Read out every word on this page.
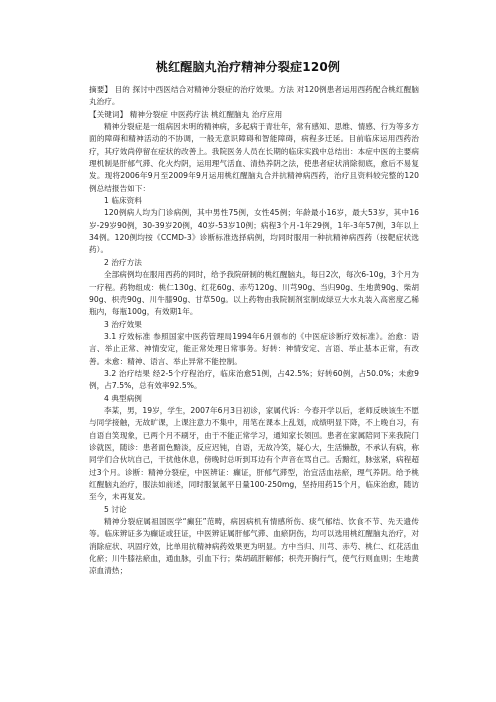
桃红醒脑丸治疗精神分裂症120例

摘要】 目的 探讨中西医结合对精神分裂症的治疗效果。方法 对120例患者运用西药配合桃红醒脑丸治疗。

【关键词】 精神分裂症 中医药疗法 桃红醒脑丸 治疗应用

精神分裂症是一组病因未明的精神病，多起病于青壮年，常有感知、思维、情感、行为等多方面的障碍和精神活动的不协调，一般无意识障碍和智能障碍，病程多迁延。目前临床运用西药治疗，其疗效尚停留在症状的改善上。我院医务人员在长期的临床实践中总结出：本症中医的主要病理机制是肝郁气滞、化火灼阴，运用理气活血、清热养阴之法，使患者症状消除彻底，愈后不易复发。现将2006年9月至2009年9月运用桃红醒脑丸合并抗精神病西药，治疗且资料较完整的120例总结报告如下：

1 临床资料

120例病人均为门诊病例，其中男性75例，女性45例；年龄最小16岁，最大53岁，其中16岁-29岁90例，30-39岁20例，40岁-53岁10例；病程3个月-1年29例，1年-3年57例，3年以上34例。120例均按《CCMD-3》诊断标准选择病例，均同时服用一种抗精神病西药（按靶症状选药）。

2 治疗方法

全部病例均在服用西药的同时，给予我院研制的桃红醒脑丸，每日2次，每次6-10g，3个月为一疗程。药物组成：桃仁130g、红花60g、赤芍120g、川芎90g、当归90g、生地黄90g、柴胡90g、枳壳90g、川牛膝90g、甘草50g。以上药物由我院制剂室制成绿豆大水丸装入高密度乙稀瓶内，每瓶100g，有效期1年。

3 治疗效果

3.1 疗效标准 参照国家中医药管理局1994年6月颁布的《中医症诊断疗效标准》。治愈：语言、举止正常、神情安定，能正常处理日常事务。好转：神情安定、言语、举止基本正常，有改善。未愈：精神、语言、举止异常不能控制。

3.2 治疗结果 经2-5个疗程治疗，临床治愈51例，占42.5%；好转60例，占50.0%；未愈9例，占7.5%，总有效率92.5%。

4 典型病例

李某，男，19岁，学生，2007年6月3日初诊，家属代诉：今春开学以后，老师反映该生不愿与同学接触，无故旷课，上课注意力不集中，用笔在课本上乱划，成绩明显下降，不上晚自习，有自语自笑现象，已两个月不刷牙，由于不能正常学习，通知家长领回。患者在家属陪同下来我院门诊就医，随诊：患者面色黯淡，反应迟钝，自语，无故冷笑，疑心大，生活懒散，不承认有病，称同学们合伙坑自己，干扰他休息，傍晚时总听到耳边有个声音在骂自己。舌黯红，脉弦紧，病程超过3个月。诊断：精神分裂症，中医辨证：癫证，肝郁气滞型，治宜活血祛瘀，理气养阴。给予桃红醒脑丸治疗，服法如前述，同时服氯氮平日量100-250mg，坚持用药15个月，临床治愈，随访至今，未再复发。

5 讨论

精神分裂症属祖国医学“癫狂”范畴，病因病机有情感所伤、痰气郁结、饮食不节、先天遗传等。临床辨证多为癫证或狂证，中医辨证属肝郁气滞、血瘀阴伤，均可以选用桃红醒脑丸治疗，对消除症状、巩固疗效，比单用抗精神病药效果更为明显。方中当归、川芎、赤芍、桃仁、红花活血化瘀；川牛膝祛瘀血，通血脉，引血下行；柴胡疏肝解郁；枳壳开胸行气，使气行则血则；生地黄凉血清热；
